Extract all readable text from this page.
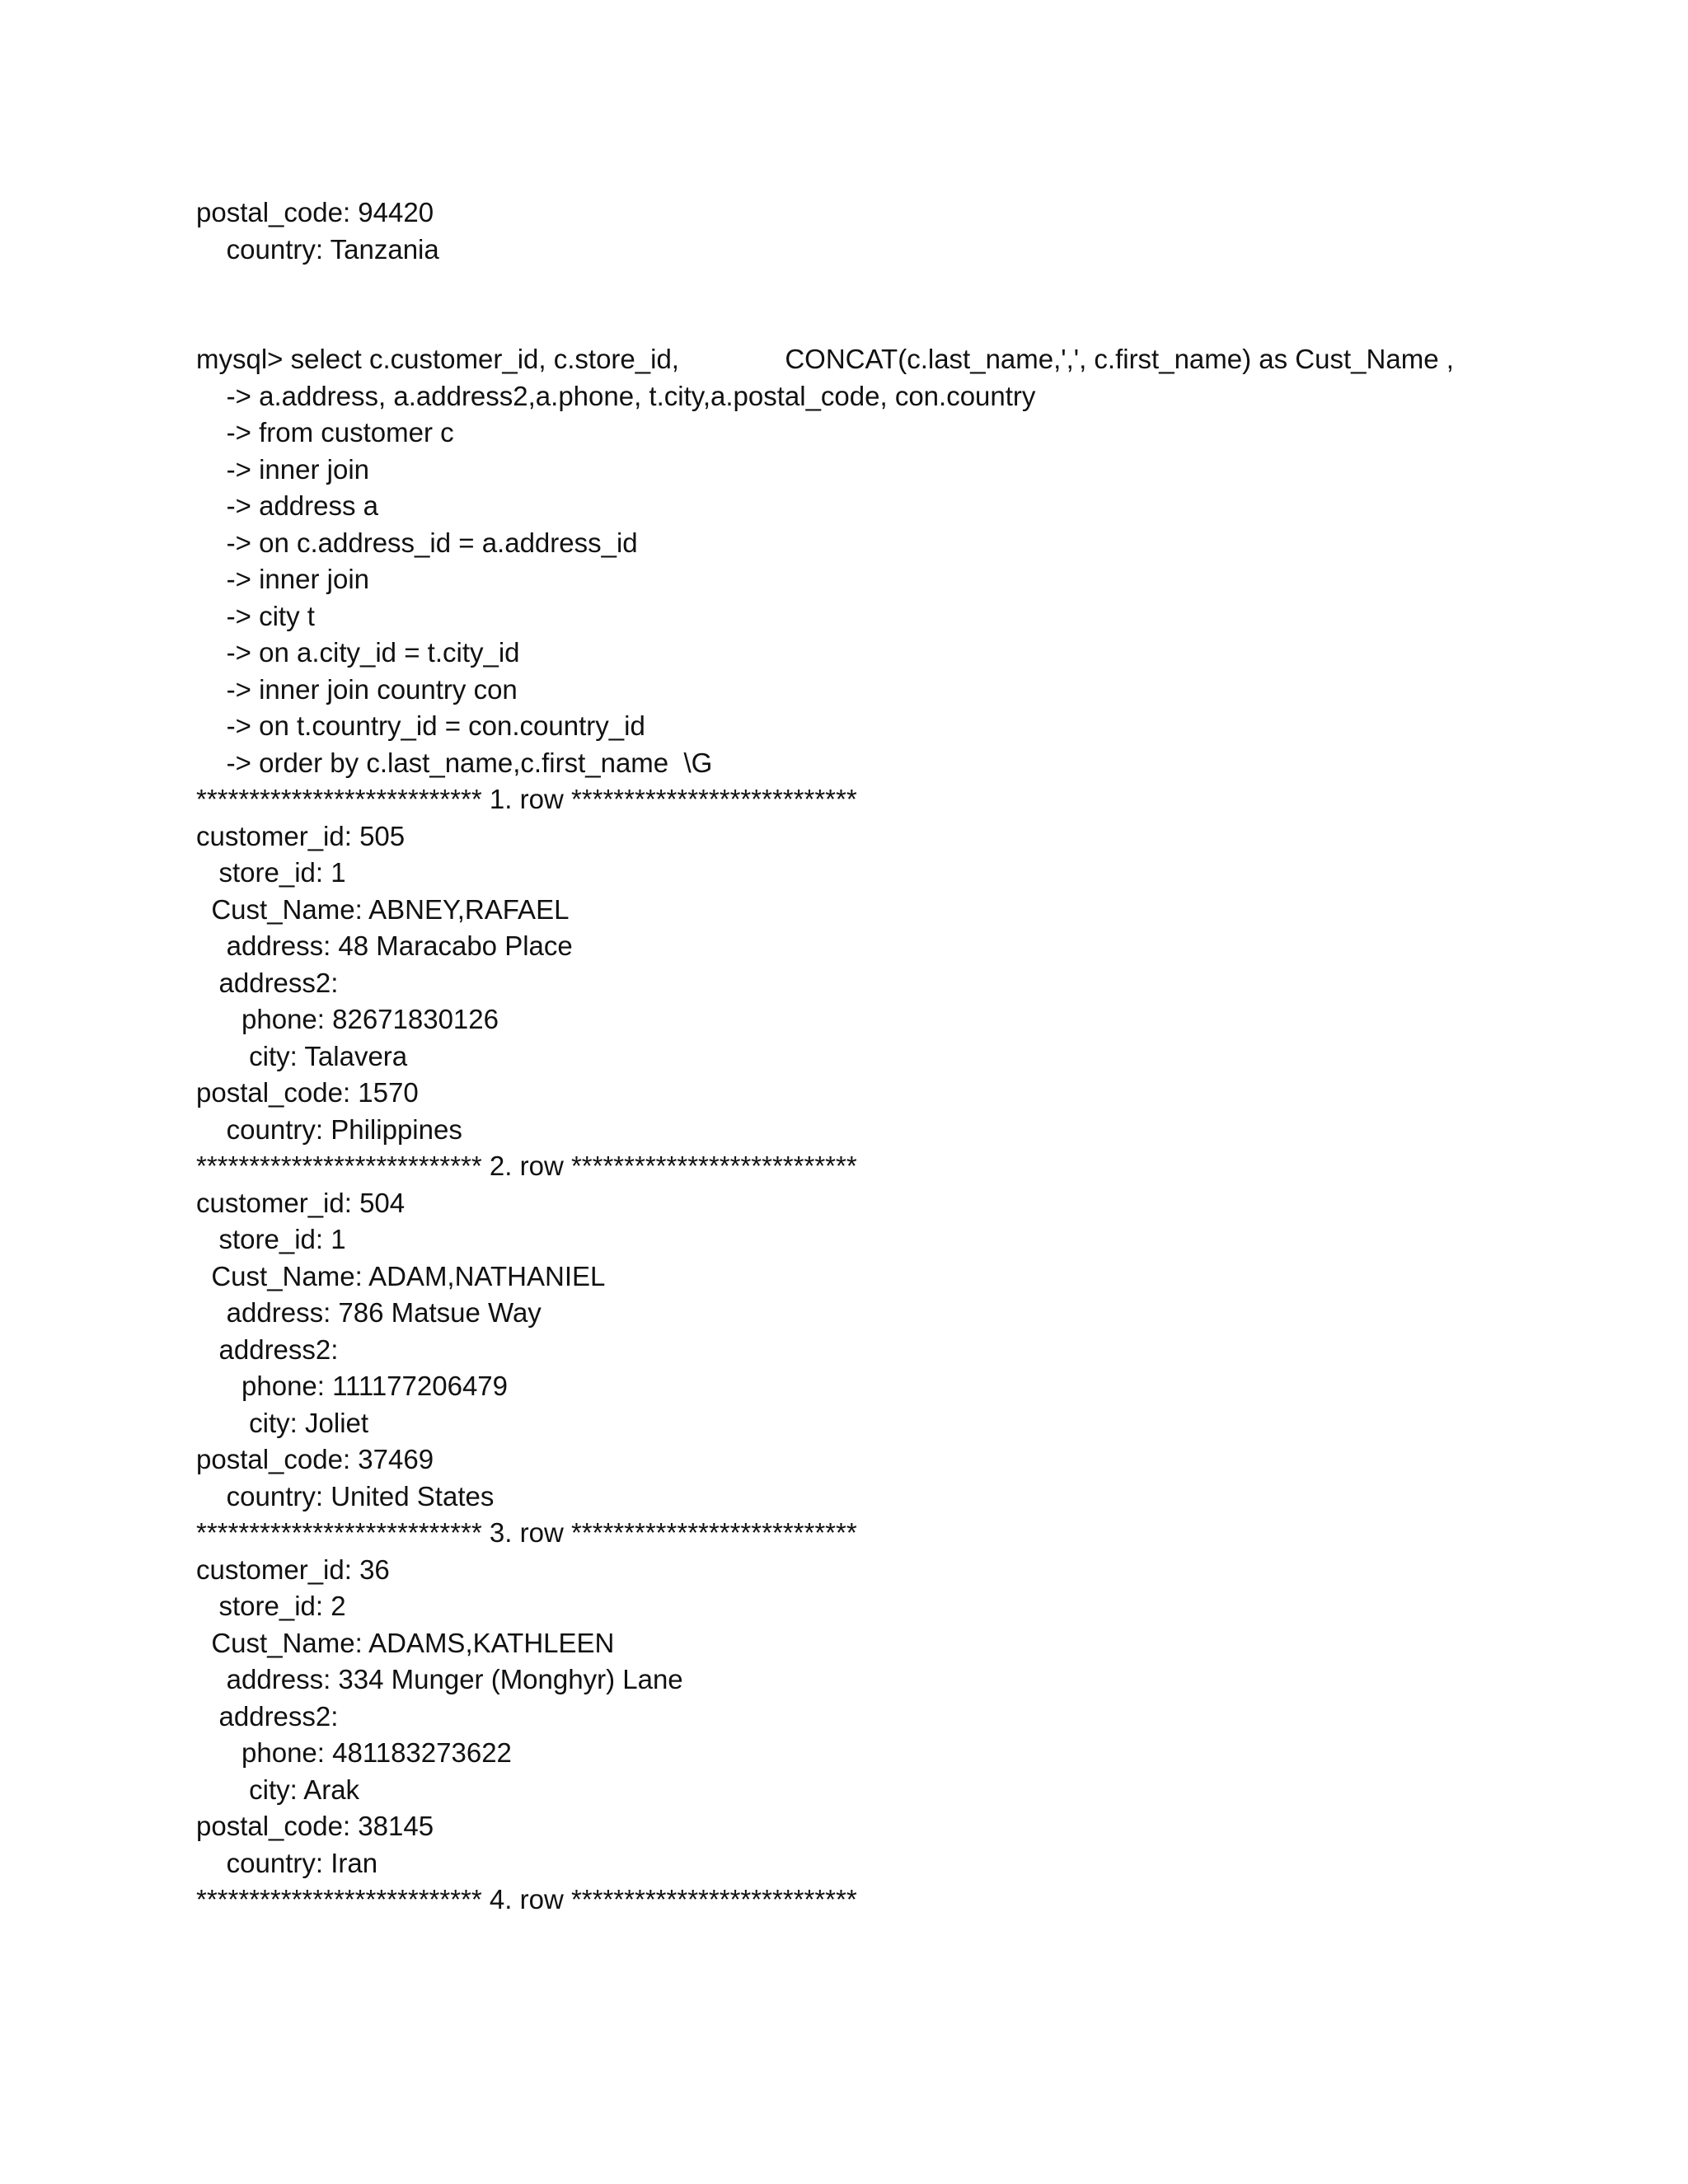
postal_code: 94420
country: Tanzania
mysql> select c.customer_id, c.store_id,              CONCAT(c.last_name,',', c.first_name) as Cust_Name ,
-> a.address, a.address2,a.phone, t.city,a.postal_code, con.country
-> from customer c
-> inner join
-> address a
-> on c.address_id = a.address_id
-> inner join
-> city t
-> on a.city_id = t.city_id
-> inner join country con
-> on t.country_id = con.country_id
-> order by c.last_name,c.first_name  \G
*************************** 1. row ***************************
customer_id: 505
store_id: 1
Cust_Name: ABNEY,RAFAEL
address: 48 Maracabo Place
address2:
phone: 82671830126
city: Talavera
postal_code: 1570
country: Philippines
*************************** 2. row ***************************
customer_id: 504
store_id: 1
Cust_Name: ADAM,NATHANIEL
address: 786 Matsue Way
address2:
phone: 111177206479
city: Joliet
postal_code: 37469
country: United States
*************************** 3. row ***************************
customer_id: 36
store_id: 2
Cust_Name: ADAMS,KATHLEEN
address: 334 Munger (Monghyr) Lane
address2:
phone: 481183273622
city: Arak
postal_code: 38145
country: Iran
*************************** 4. row ***************************
